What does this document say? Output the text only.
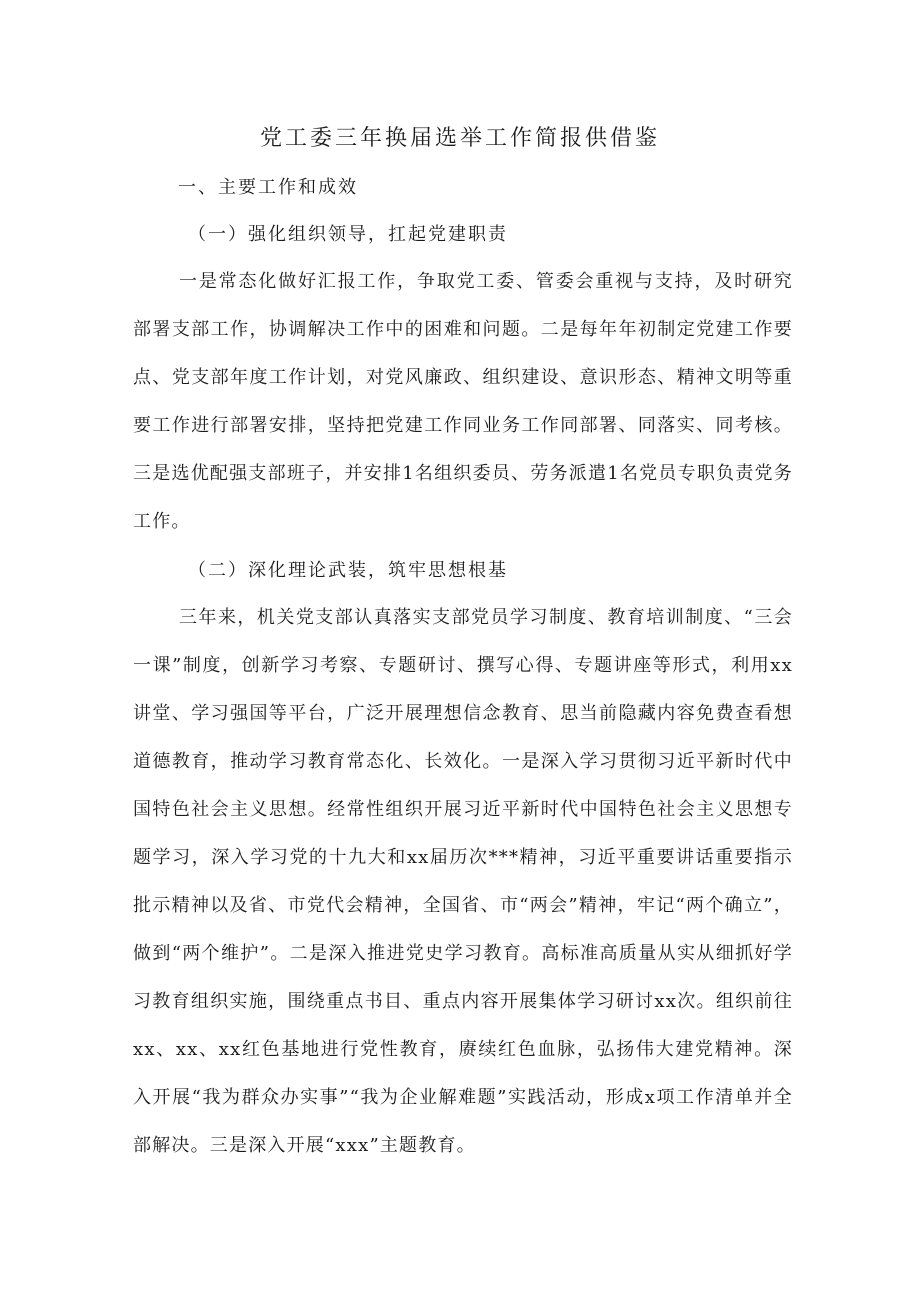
党工委三年换届选举工作简报供借鉴
一、主要工作和成效
（一）强化组织领导，扛起党建职责

一是常态化做好汇报工作，争取党工委、管委会重视与支持，及时研究部署支部工作，协调解决工作中的困难和问题。二是每年年初制定党建工作要点、党支部年度工作计划，对党风廉政、组织建设、意识形态、精神文明等重要工作进行部署安排，坚持把党建工作同业务工作同部署、同落实、同考核。三是选优配强支部班子，并安排1名组织委员、劳务派遣1名党员专职负责党务工作。

（二）深化理论武装，筑牢思想根基

三年来，机关党支部认真落实支部党员学习制度、教育培训制度、“三会一课”制度，创新学习考察、专题研讨、撰写心得、专题讲座等形式，利用xx讲堂、学习强国等平台，广泛开展理想信念教育、思当前隐藏内容免费查看想道德教育，推动学习教育常态化、长效化。一是深入学习贯彻习近平新时代中国特色社会主义思想。经常性组织开展习近平新时代中国特色社会主义思想专题学习，深入学习党的十九大和xx届历次***精神，习近平重要讲话重要指示批示精神以及省、市党代会精神，全国省、市“两会”精神，牢记“两个确立”，做到“两个维护”。二是深入推进党史学习教育。高标准高质量从实从细抓好学习教育组织实施，围绕重点书目、重点内容开展集体学习研讨xx次。组织前往xx、xx、xx红色基地进行党性教育，赓续红色血脉，弘扬伟大建党精神。深入开展“我为群众办实事”“我为企业解难题”实践活动，形成x项工作清单并全部解决。三是深入开展“xxx”主题教育。
